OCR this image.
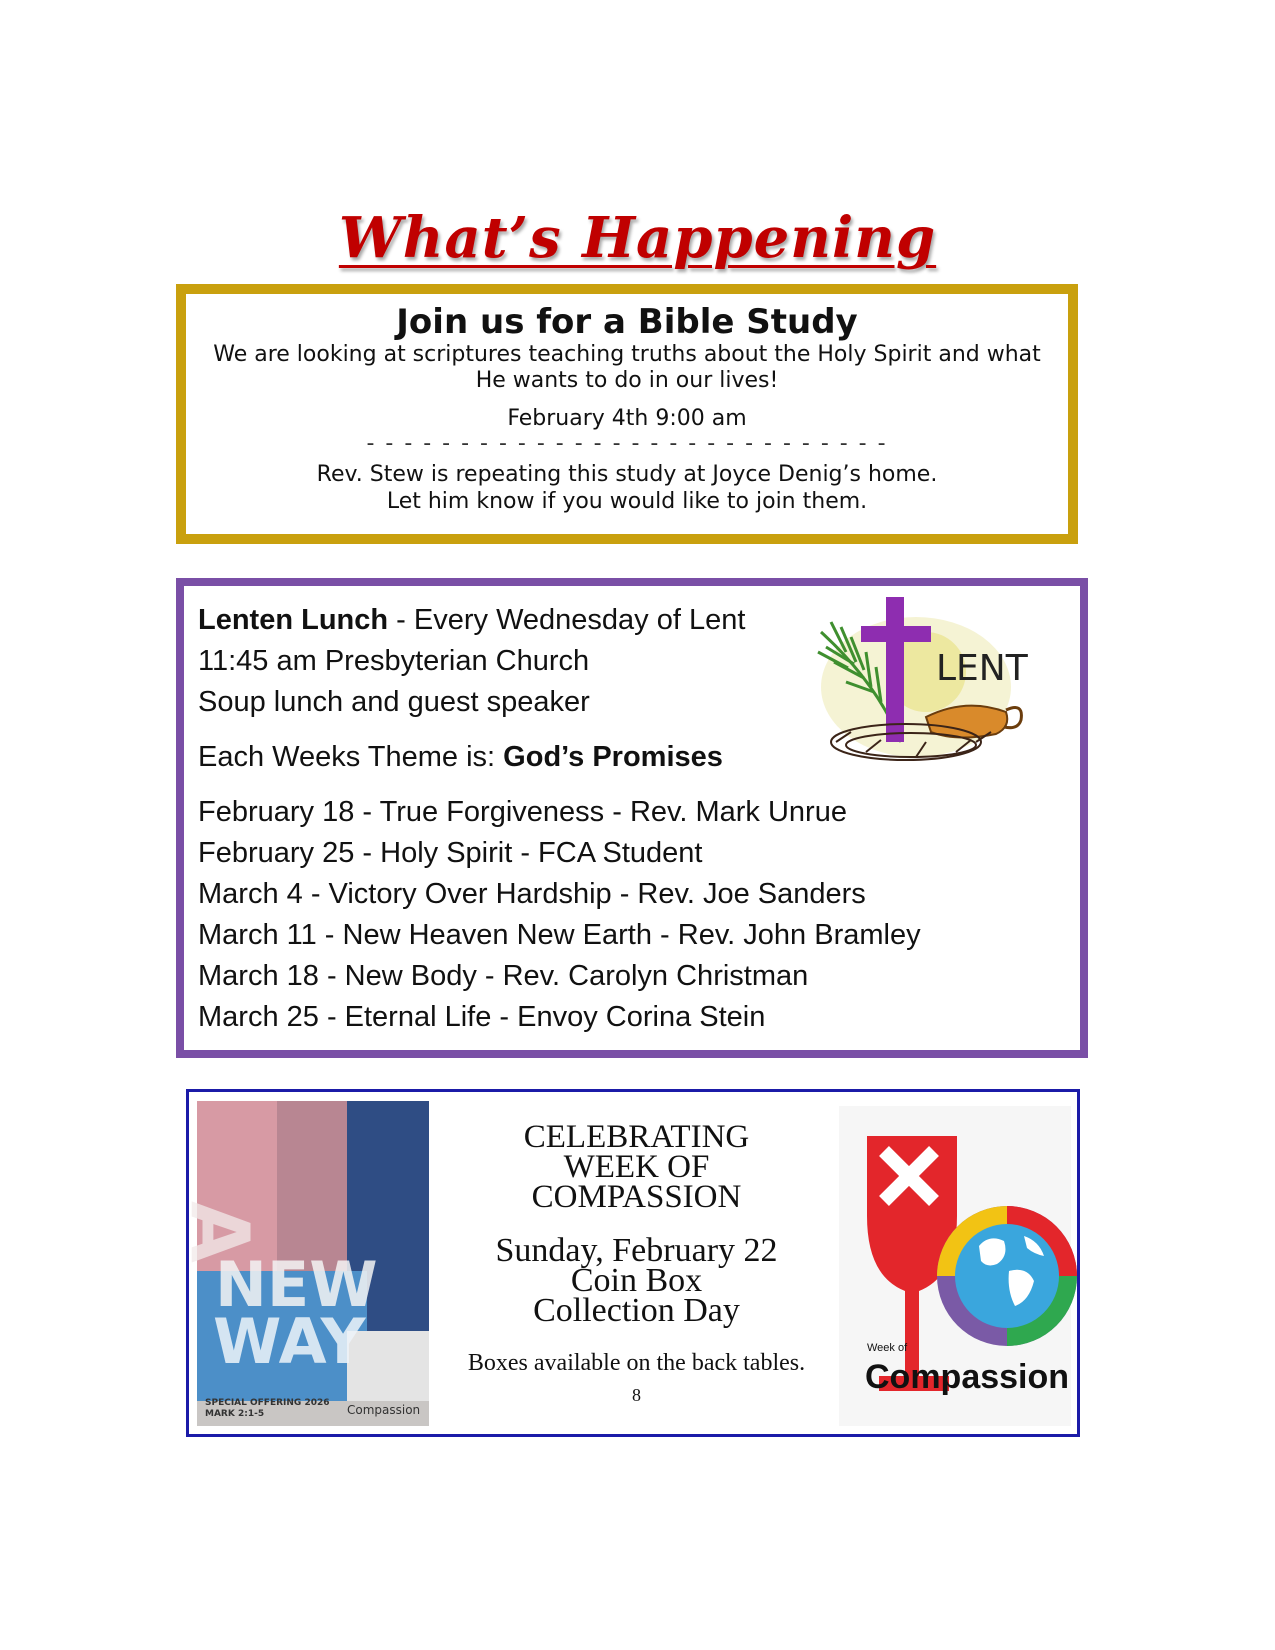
What’s Happening
Join us for a Bible Study
We are looking at scriptures teaching truths about the Holy Spirit and what He wants to do in our lives!
February 4th 9:00 am
- - - - - - - - - - - - - - - - - - - - - - - - - - - -
Rev. Stew is repeating this study at Joyce Denig’s home.
Let him know if you would like to join them.
Lenten Lunch - Every Wednesday of Lent
11:45 am Presbyterian Church
Soup lunch and guest speaker
Each Weeks Theme is: God’s Promises
February 18 - True Forgiveness - Rev. Mark Unrue
February 25 - Holy Spirit - FCA Student
March 4 - Victory Over Hardship - Rev. Joe Sanders
March 11 - New Heaven New Earth - Rev. John Bramley
March 18 - New Body - Rev. Carolyn Christman
March 25 - Eternal Life - Envoy Corina Stein
LENT
A
NEW
WAY
SPECIAL OFFERING 2026
MARK 2:1-5	Compassion
CELEBRATING
WEEK OF
COMPASSION
Sunday, February 22
Coin Box
Collection Day
Boxes available on the back tables.
8
Week of
Compassion
